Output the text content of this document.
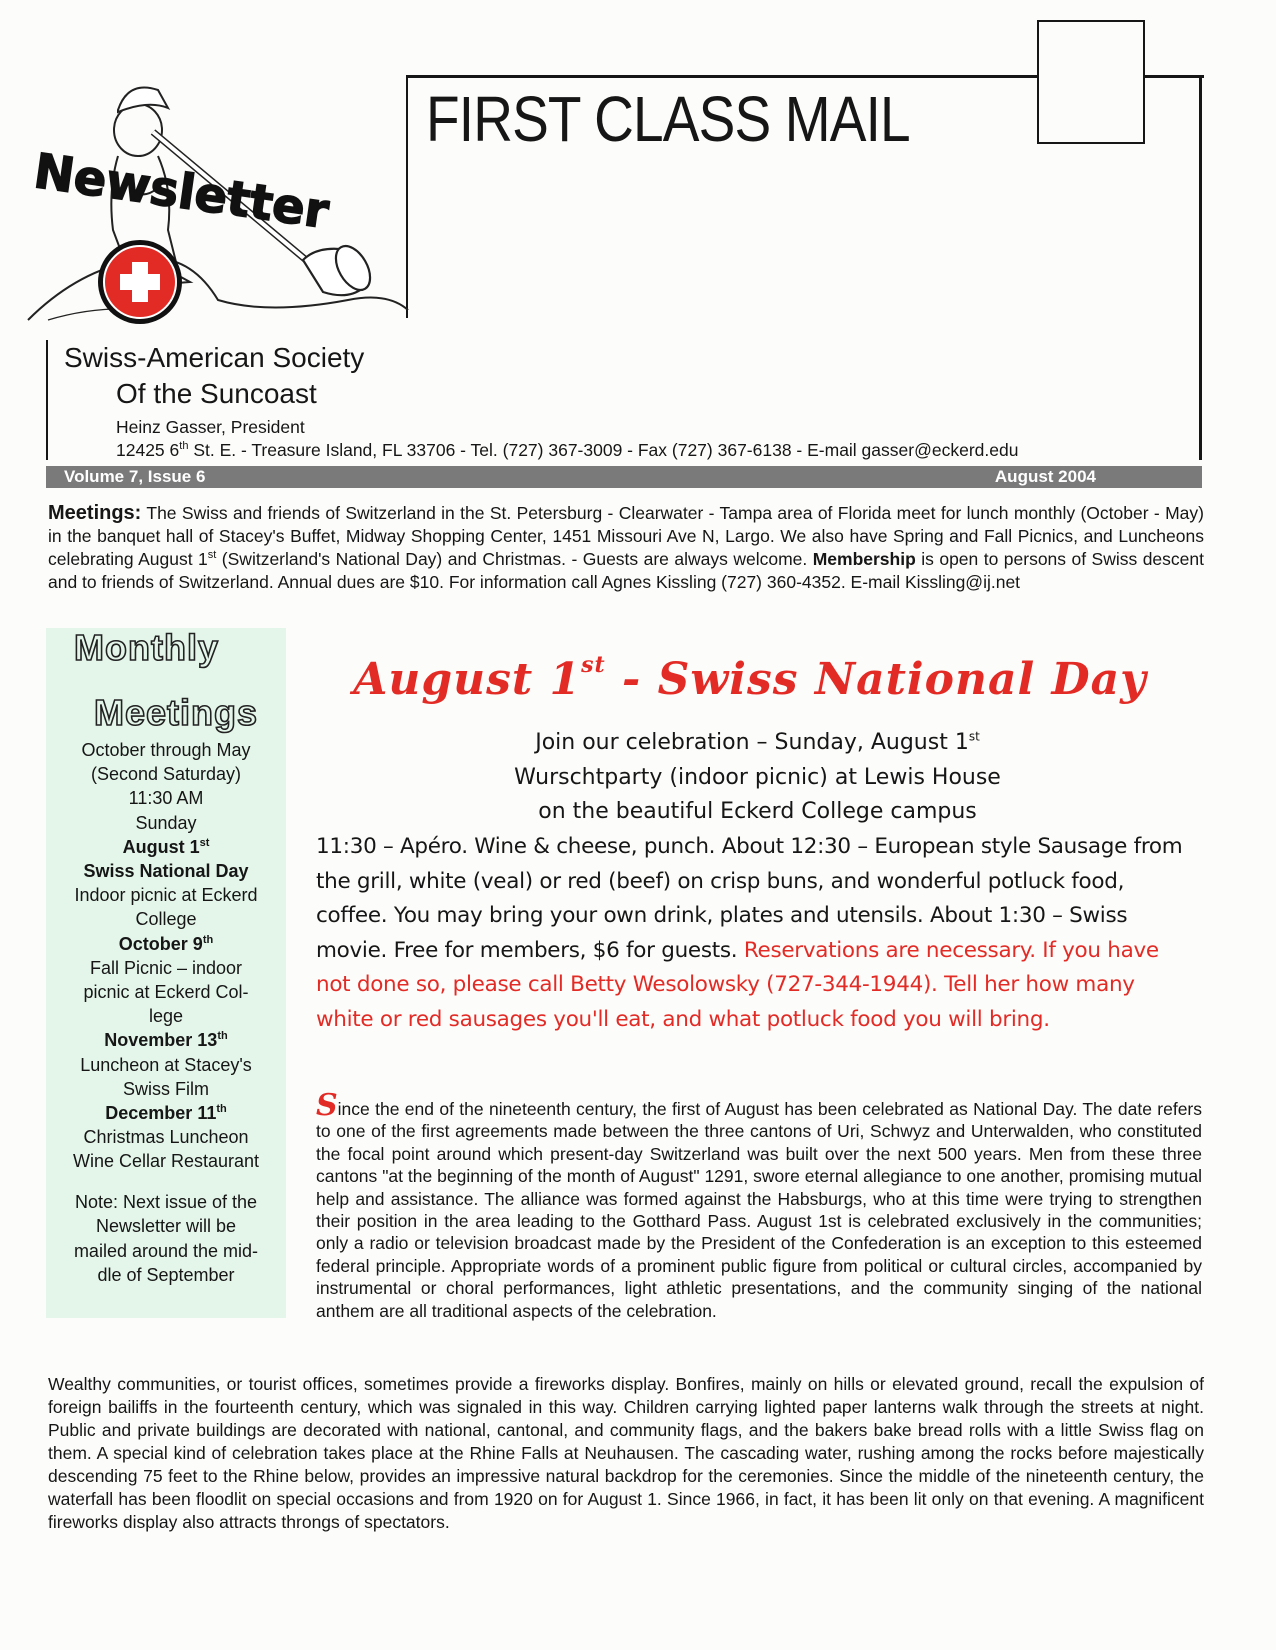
FIRST CLASS MAIL
Newsletter
Swiss-American Society
Of the Suncoast
Heinz Gasser, President
12425 6th St. E. - Treasure Island, FL 33706 - Tel. (727) 367-3009 - Fax (727) 367-6138 - E-mail gasser@eckerd.edu
Volume 7, Issue 6	August 2004
Meetings: The Swiss and friends of Switzerland in the St. Petersburg - Clearwater - Tampa area of Florida meet for lunch monthly (October - May) in the banquet hall of Stacey's Buffet, Midway Shopping Center, 1451 Missouri Ave N, Largo. We also have Spring and Fall Picnics, and Luncheons celebrating August 1st (Switzerland's National Day) and Christmas. - Guests are always welcome. Membership is open to persons of Swiss descent and to friends of Switzerland. Annual dues are $10. For information call Agnes Kissling (727) 360-4352. E-mail Kissling@ij.net
Monthly
Meetings
October through May
(Second Saturday)
11:30 AM
Sunday
August 1st
Swiss National Day
Indoor picnic at Eckerd
College
October 9th
Fall Picnic – indoor
picnic at Eckerd Col-
lege
November 13th
Luncheon at Stacey's
Swiss Film
December 11th
Christmas Luncheon
Wine Cellar Restaurant
Note: Next issue of the
Newsletter will be
mailed around the mid-
dle of September
August 1st - Swiss National Day
Join our celebration – Sunday, August 1st
Wurschtparty (indoor picnic) at Lewis House
on the beautiful Eckerd College campus
11:30 – Apéro. Wine & cheese, punch. About 12:30 – European style Sausage from the grill, white (veal) or red (beef) on crisp buns, and wonderful potluck food, coffee. You may bring your own drink, plates and utensils. About 1:30 – Swiss movie. Free for members, $6 for guests. Reservations are necessary. If you have not done so, please call Betty Wesolowsky (727-344-1944). Tell her how many white or red sausages you'll eat, and what potluck food you will bring.
Since the end of the nineteenth century, the first of August has been celebrated as National Day. The date refers to one of the first agreements made between the three cantons of Uri, Schwyz and Unterwalden, who constituted the focal point around which present-day Switzerland was built over the next 500 years. Men from these three cantons "at the beginning of the month of August" 1291, swore eternal allegiance to one another, promising mutual help and assistance. The alliance was formed against the Habsburgs, who at this time were trying to strengthen their position in the area leading to the Gotthard Pass. August 1st is celebrated exclusively in the communities; only a radio or television broadcast made by the President of the Confederation is an exception to this esteemed federal principle. Appropriate words of a prominent public figure from political or cultural circles, accompanied by instrumental or choral performances, light athletic presentations, and the community singing of the national anthem are all traditional aspects of the celebration.
Wealthy communities, or tourist offices, sometimes provide a fireworks display. Bonfires, mainly on hills or elevated ground, recall the expulsion of foreign bailiffs in the fourteenth century, which was signaled in this way. Children carrying lighted paper lanterns walk through the streets at night. Public and private buildings are decorated with national, cantonal, and community flags, and the bakers bake bread rolls with a little Swiss flag on them. A special kind of celebration takes place at the Rhine Falls at Neuhausen. The cascading water, rushing among the rocks before majestically descending 75 feet to the Rhine below, provides an impressive natural backdrop for the ceremonies. Since the middle of the nineteenth century, the waterfall has been floodlit on special occasions and from 1920 on for August 1. Since 1966, in fact, it has been lit only on that evening. A magnificent fireworks display also attracts throngs of spectators.
